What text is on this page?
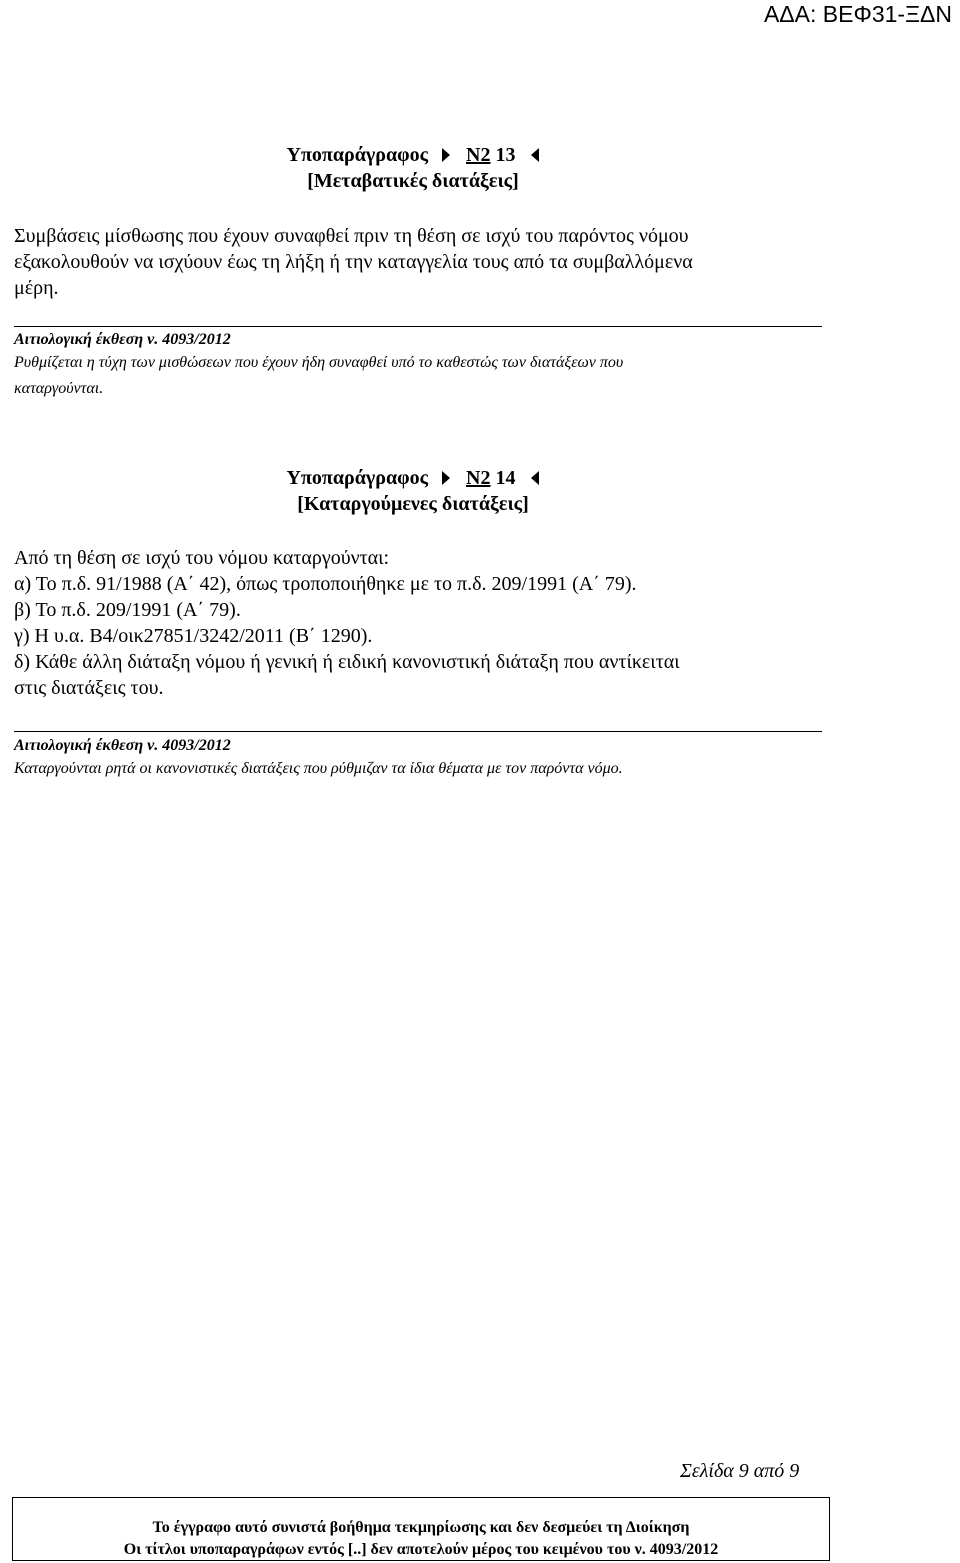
ΑΔΑ: ΒΕΦ31-ΞΔΝ
Υποπαράγραφος Ν2 13
[Μεταβατικές διατάξεις]
Συμβάσεις μίσθωσης που έχουν συναφθεί πριν τη θέση σε ισχύ του παρόντος νόμου
εξακολουθούν να ισχύουν έως τη λήξη ή την καταγγελία τους από τα συμβαλλόμενα
μέρη.
Αιτιολογική έκθεση ν. 4093/2012
Ρυθμίζεται η τύχη των μισθώσεων που έχουν ήδη συναφθεί υπό το καθεστώς των διατάξεων που
καταργούνται.
Υποπαράγραφος Ν2 14
[Καταργούμενες διατάξεις]
Από τη θέση σε ισχύ του νόμου καταργούνται:
α) Το π.δ. 91/1988 (Α΄ 42), όπως τροποποιήθηκε με το π.δ. 209/1991 (Α΄ 79).
β) Το π.δ. 209/1991 (Α΄ 79).
γ) Η υ.α. Β4/οικ27851/3242/2011 (Β΄ 1290).
δ) Κάθε άλλη διάταξη νόμου ή γενική ή ειδική κανονιστική διάταξη που αντίκειται
στις διατάξεις του.
Αιτιολογική έκθεση ν. 4093/2012
Καταργούνται ρητά οι κανονιστικές διατάξεις που ρύθμιζαν τα ίδια θέματα με τον παρόντα νόμο.
Σελίδα 9 από 9
Το έγγραφο αυτό συνιστά βοήθημα τεκμηρίωσης και δεν δεσμεύει τη Διοίκηση
Οι τίτλοι υποπαραγράφων εντός [..] δεν αποτελούν μέρος του κειμένου του ν. 4093/2012
